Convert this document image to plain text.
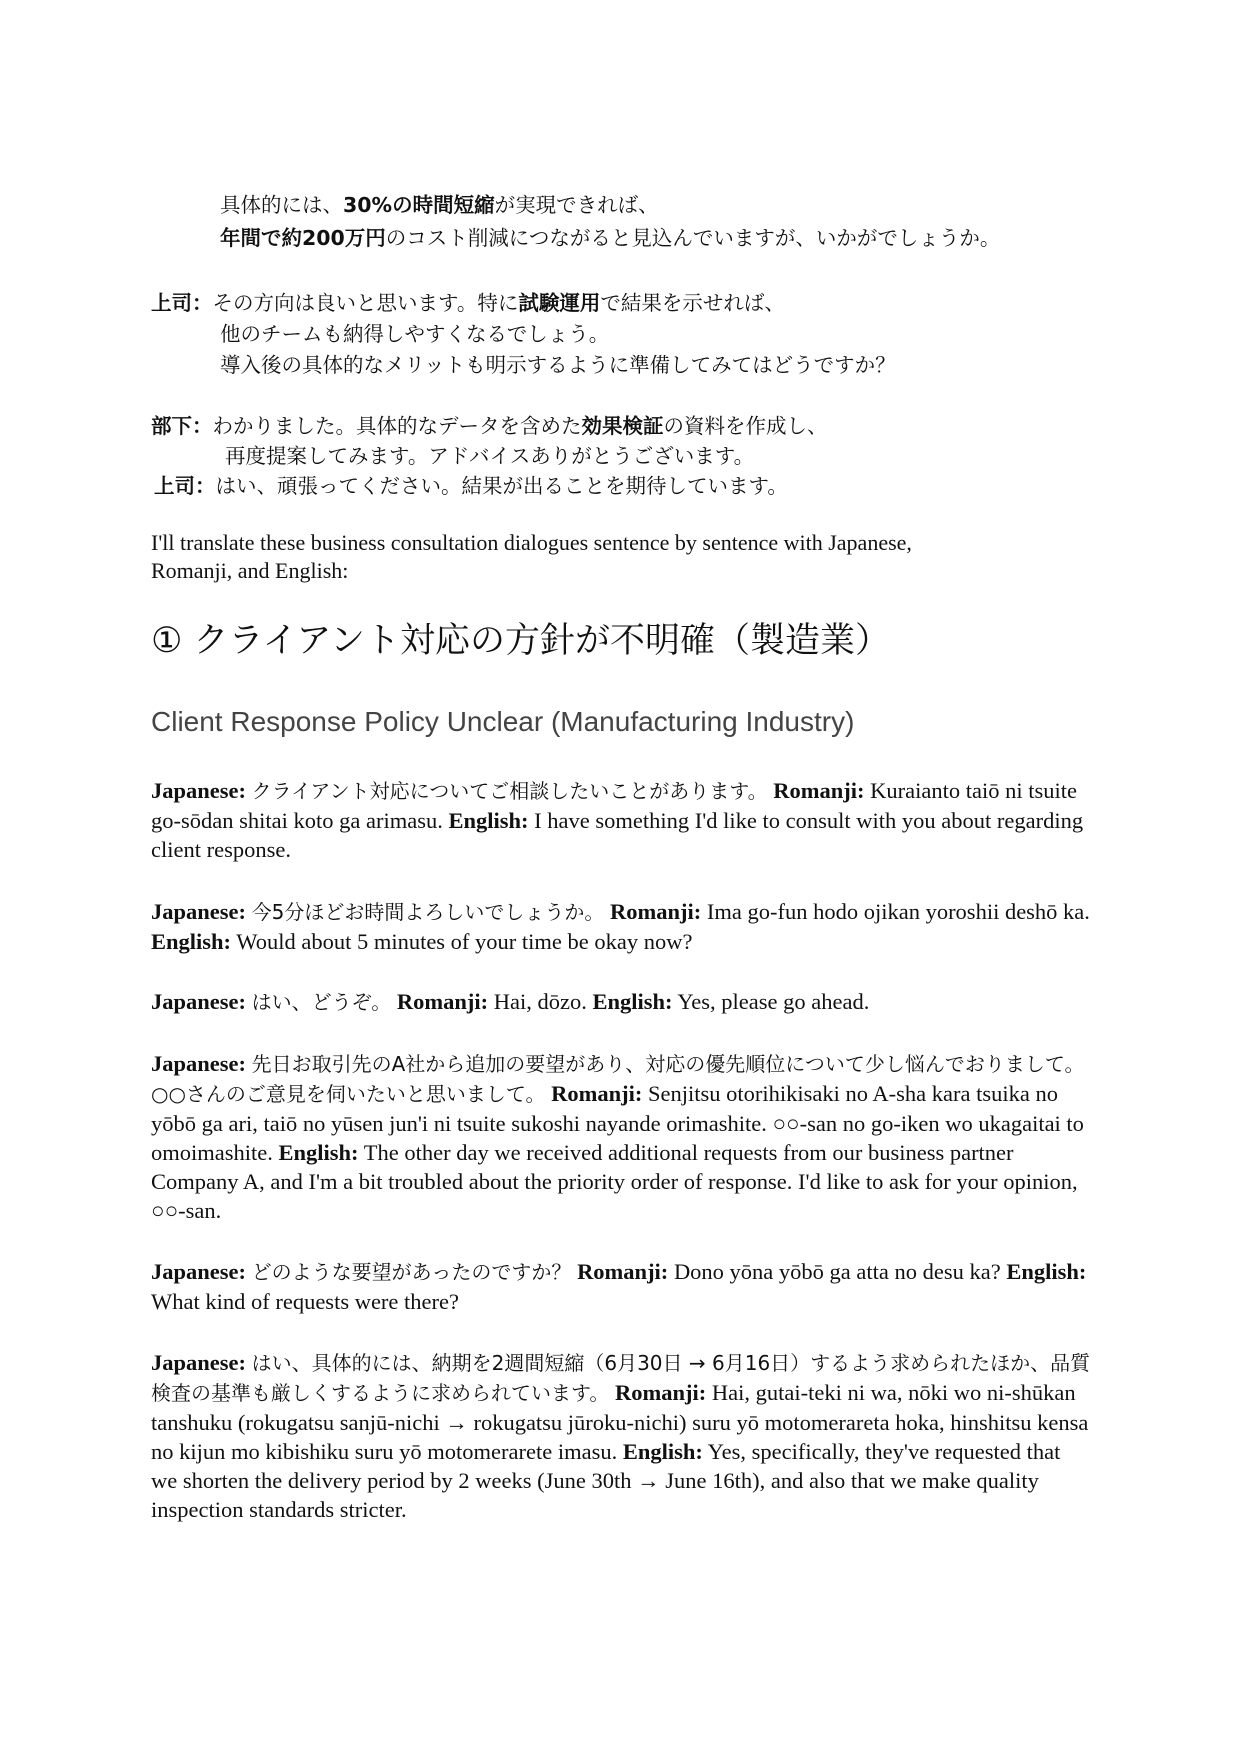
具体的には、30%の時間短縮が実現できれば、
年間で約200万円のコスト削減につながると見込んでいますが、いかがでしょうか。
上司：その方向は良いと思います。特に試験運用で結果を示せれば、
他のチームも納得しやすくなるでしょう。
導入後の具体的なメリットも明示するように準備してみてはどうですか？
部下：わかりました。具体的なデータを含めた効果検証の資料を作成し、
再度提案してみます。アドバイスありがとうございます。
上司：はい、頑張ってください。結果が出ることを期待しています。
I'll translate these business consultation dialogues sentence by sentence with Japanese,
Romanji, and English:
① クライアント対応の方針が不明確（製造業）
Client Response Policy Unclear (Manufacturing Industry)
Japanese: クライアント対応についてご相談したいことがあります。 Romanji: Kuraianto taiō ni tsuite go-sōdan shitai koto ga arimasu. English: I have something I'd like to consult with you about regarding client response.
Japanese: 今5分ほどお時間よろしいでしょうか。 Romanji: Ima go-fun hodo ojikan yoroshii deshō ka. English: Would about 5 minutes of your time be okay now?
Japanese: はい、どうぞ。 Romanji: Hai, dōzo. English: Yes, please go ahead.
Japanese: 先日お取引先のA社から追加の要望があり、対応の優先順位について少し悩んでおりまして。○○さんのご意見を伺いたいと思いまして。 Romanji: Senjitsu otorihikisaki no A-sha kara tsuika no yōbō ga ari, taiō no yūsen jun'i ni tsuite sukoshi nayande orimashite. ○○-san no go-iken wo ukagaitai to omoimashite. English: The other day we received additional requests from our business partner Company A, and I'm a bit troubled about the priority order of response. I'd like to ask for your opinion, ○○-san.
Japanese: どのような要望があったのですか？ Romanji: Dono yōna yōbō ga atta no desu ka? English: What kind of requests were there?
Japanese: はい、具体的には、納期を2週間短縮（6月30日 → 6月16日）するよう求められたほか、品質検査の基準も厳しくするように求められています。 Romanji: Hai, gutai-teki ni wa, nōki wo ni-shūkan tanshuku (rokugatsu sanjū-nichi → rokugatsu jūroku-nichi) suru yō motomerareta hoka, hinshitsu kensa no kijun mo kibishiku suru yō motomerarete imasu. English: Yes, specifically, they've requested that we shorten the delivery period by 2 weeks (June 30th → June 16th), and also that we make quality inspection standards stricter.
